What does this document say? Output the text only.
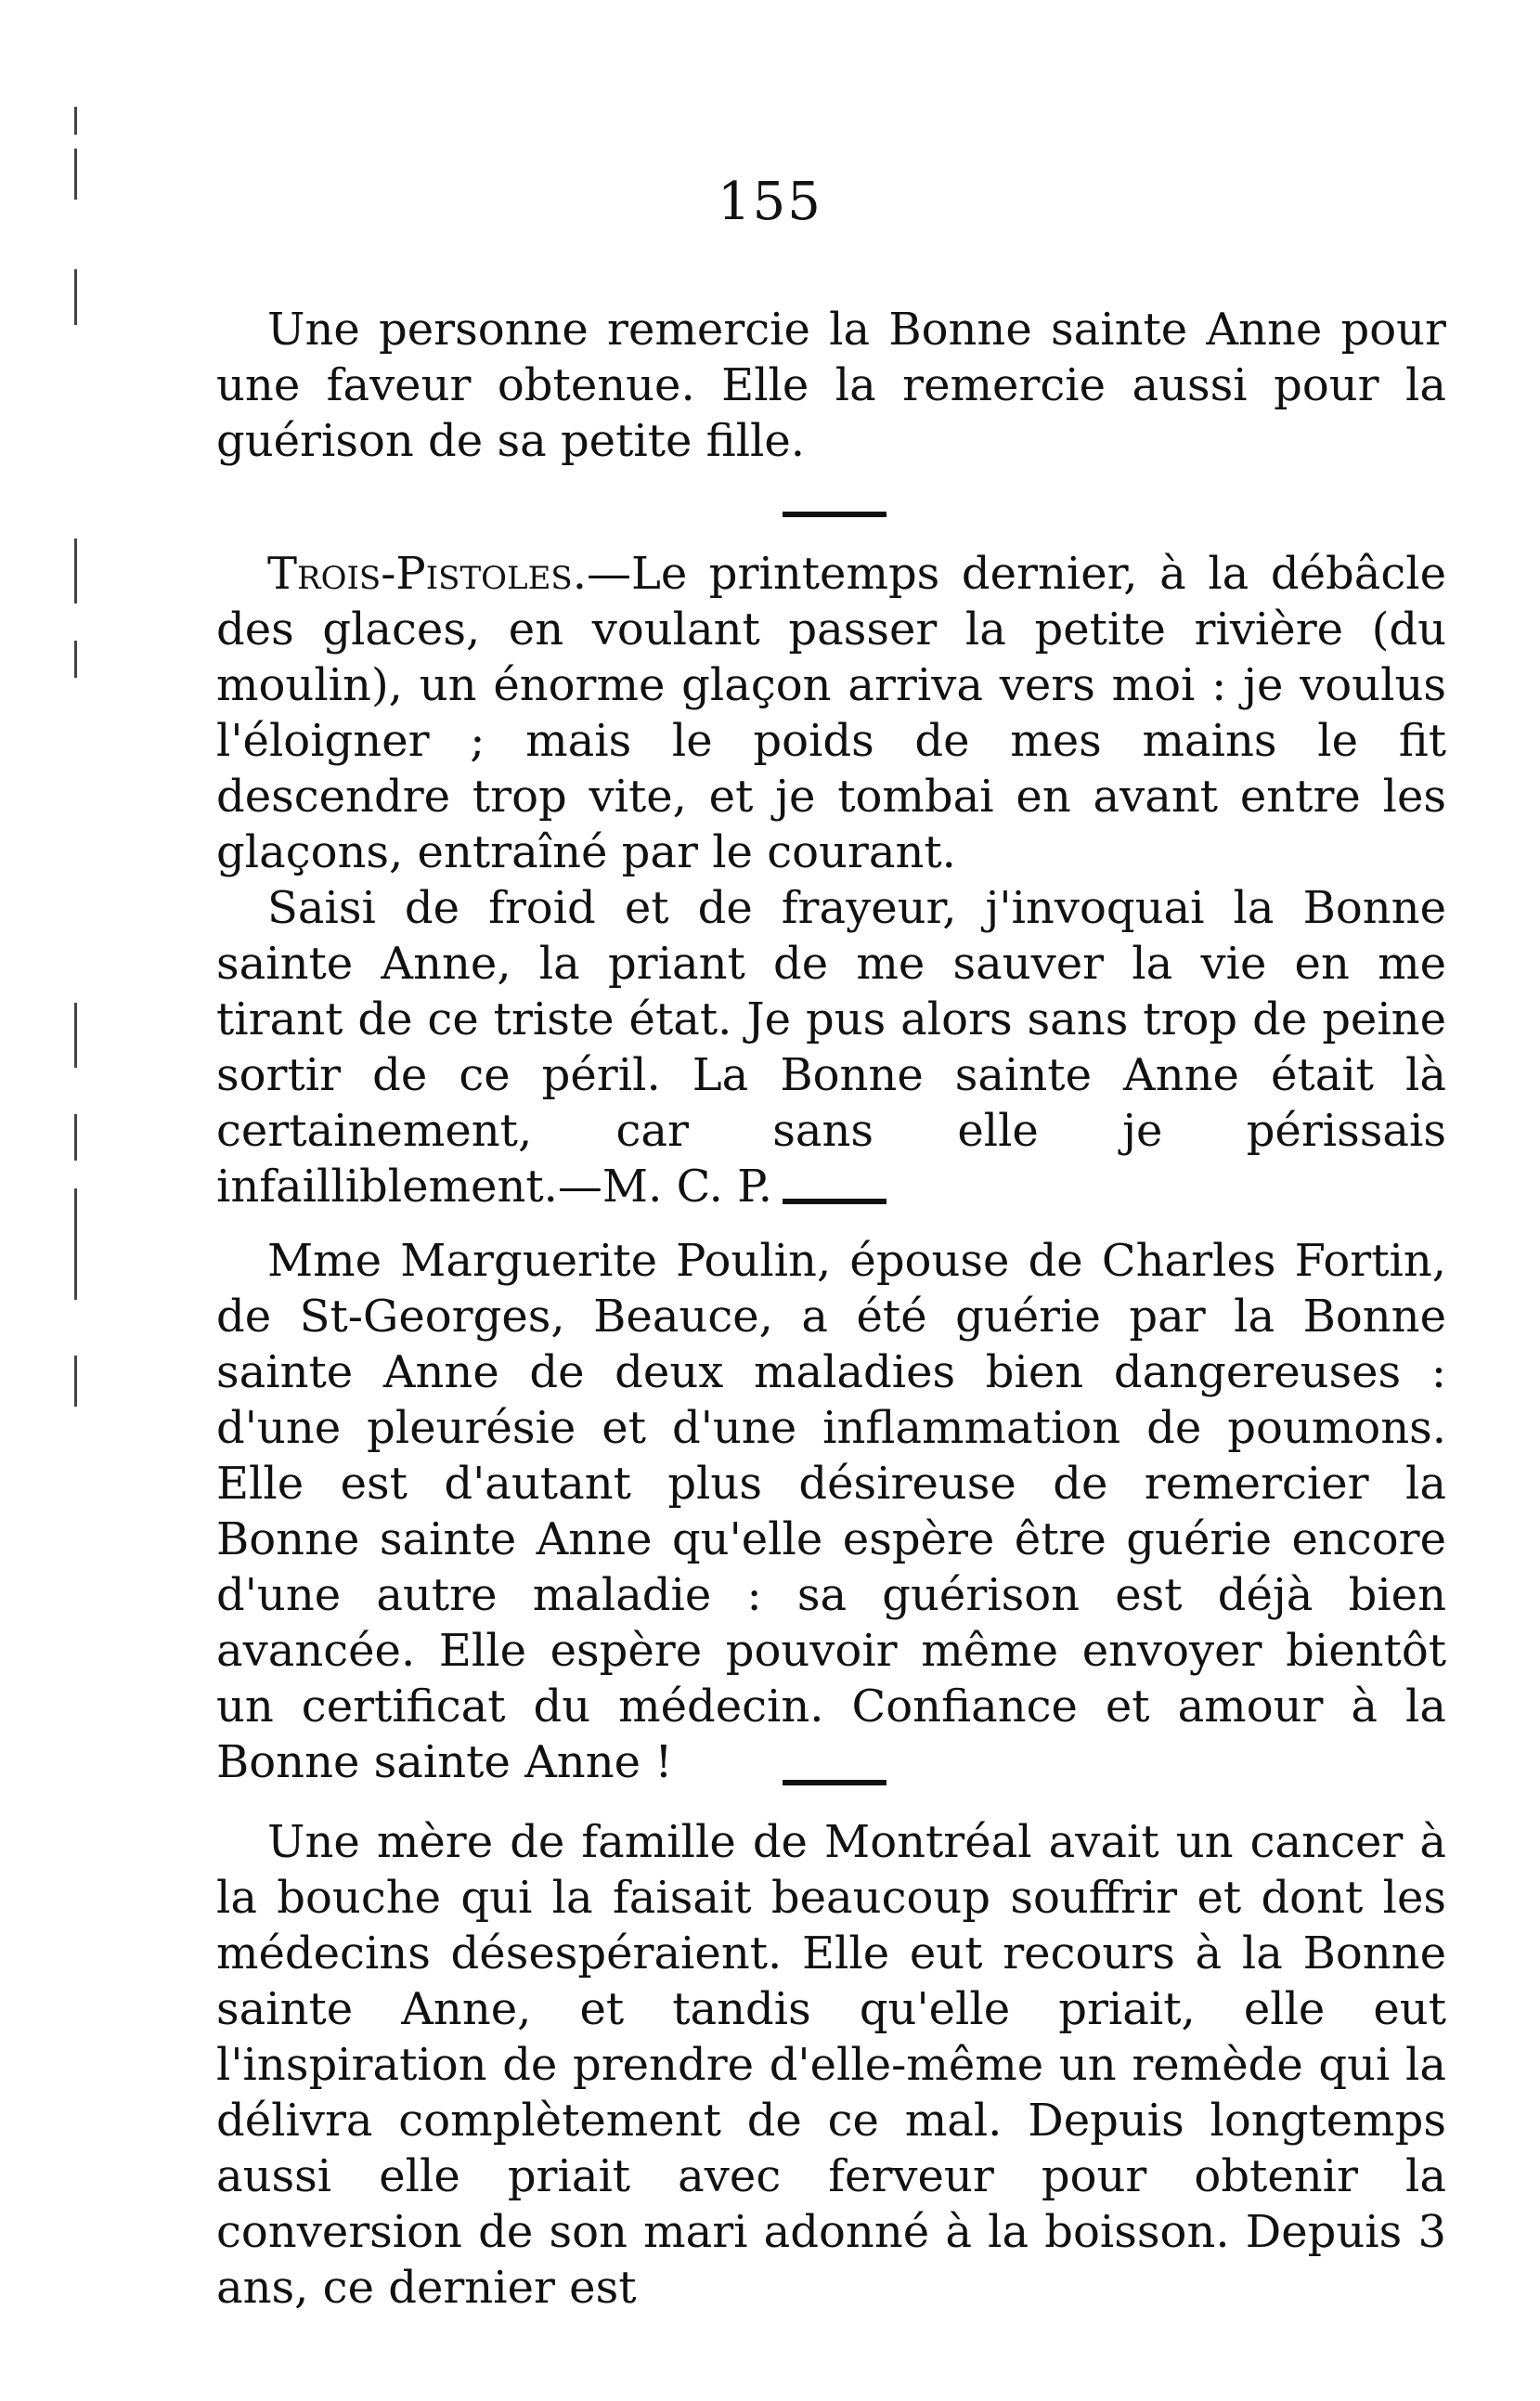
155

Une personne remercie la Bonne sainte Anne pour une faveur obtenue. Elle la remercie aussi pour la guérison de sa petite fille.

Trois-Pistoles.—Le printemps dernier, à la débâcle des glaces, en voulant passer la petite rivière (du moulin), un énorme glaçon arriva vers moi : je voulus l'éloigner ; mais le poids de mes mains le fit descendre trop vite, et je tombai en avant entre les glaçons, entraîné par le courant.

Saisi de froid et de frayeur, j'invoquai la Bonne sainte Anne, la priant de me sauver la vie en me tirant de ce triste état. Je pus alors sans trop de peine sortir de ce péril. La Bonne sainte Anne était là certainement, car sans elle je périssais infailliblement.—M. C. P.

Mme Marguerite Poulin, épouse de Charles Fortin, de St-Georges, Beauce, a été guérie par la Bonne sainte Anne de deux maladies bien dangereuses : d'une pleurésie et d'une inflammation de poumons. Elle est d'autant plus désireuse de remercier la Bonne sainte Anne qu'elle espère être guérie encore d'une autre maladie : sa guérison est déjà bien avancée. Elle espère pouvoir même envoyer bientôt un certificat du médecin. Confiance et amour à la Bonne sainte Anne !

Une mère de famille de Montréal avait un cancer à la bouche qui la faisait beaucoup souffrir et dont les médecins désespéraient. Elle eut recours à la Bonne sainte Anne, et tandis qu'elle priait, elle eut l'inspiration de prendre d'elle-même un remède qui la délivra complètement de ce mal. Depuis longtemps aussi elle priait avec ferveur pour obtenir la conversion de son mari adonné à la boisson. Depuis 3 ans, ce dernier est
